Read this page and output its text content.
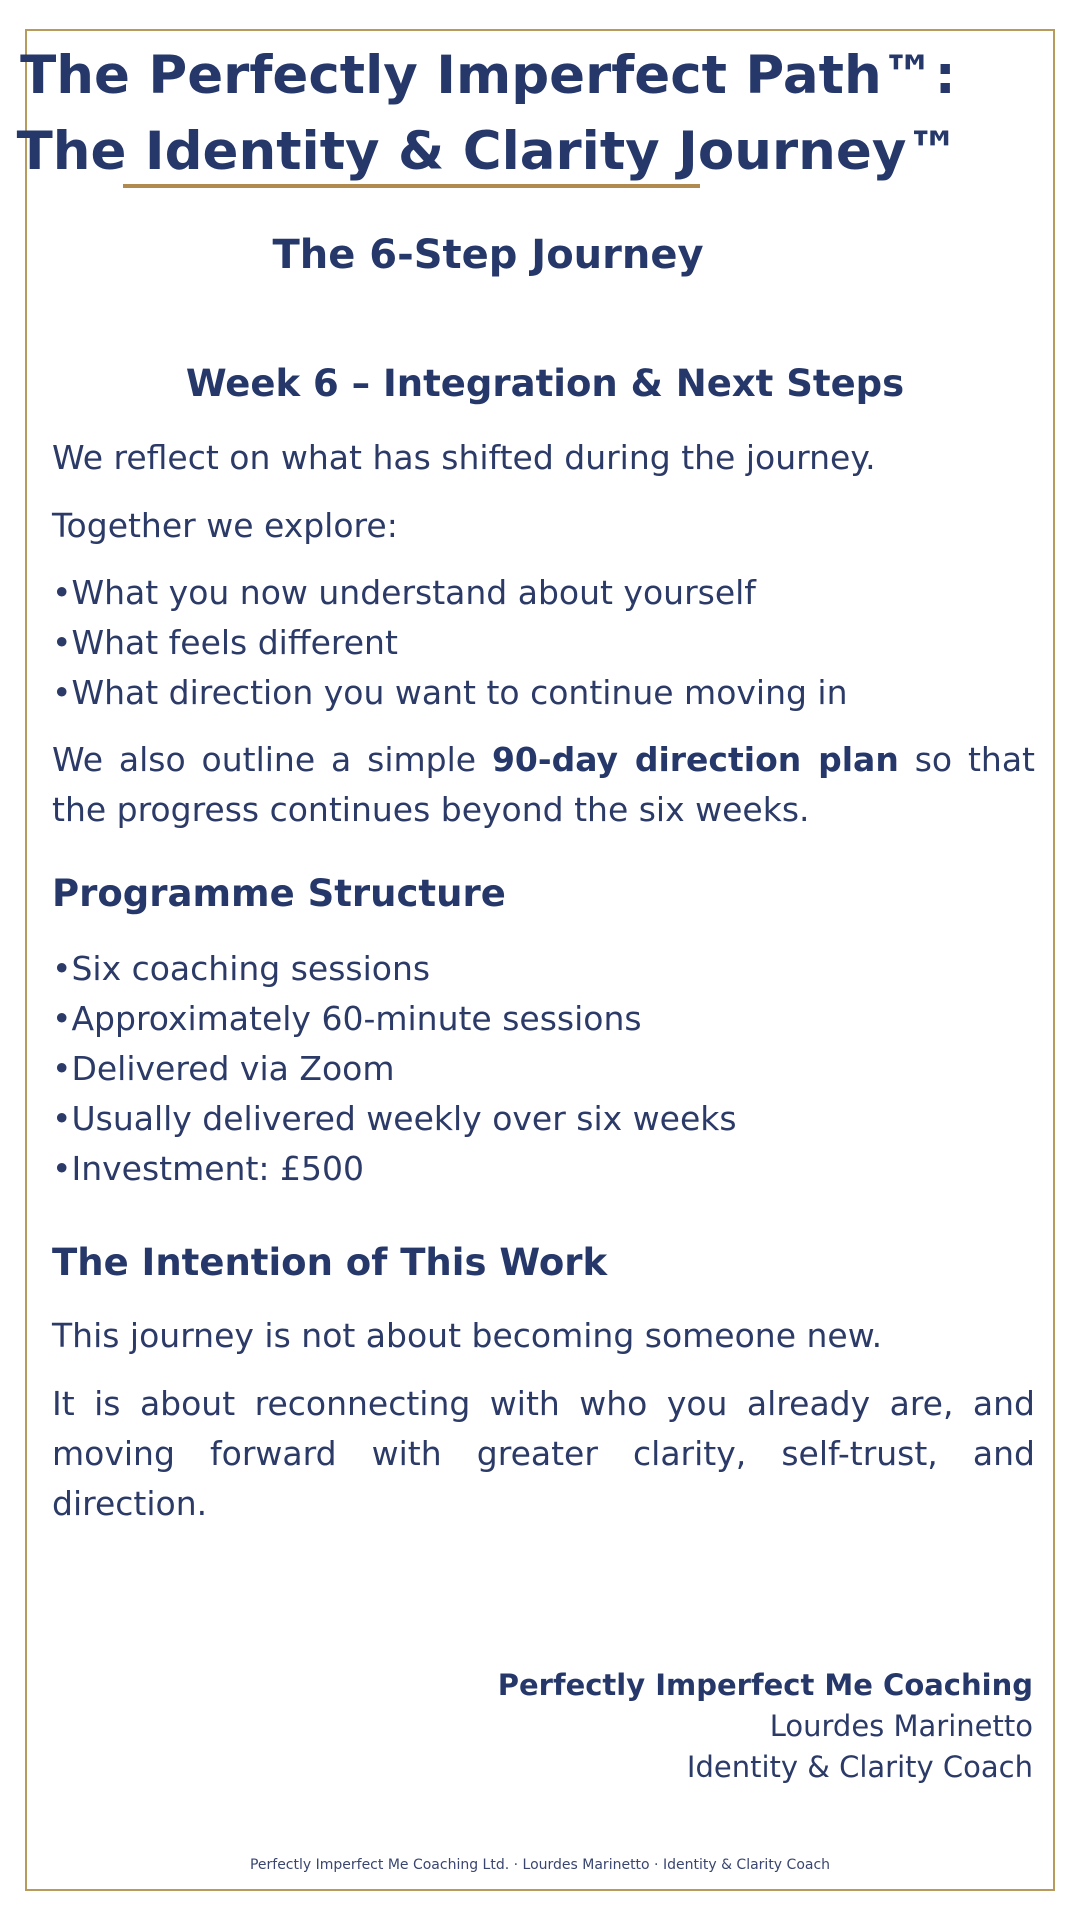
The Perfectly Imperfect Path™:
The Identity & Clarity Journey™
The 6-Step Journey
Week 6 – Integration & Next Steps
We reflect on what has shifted during the journey.
Together we explore:
• What you now understand about yourself
• What feels different
• What direction you want to continue moving in
We also outline a simple 90-day direction plan so that the progress continues beyond the six weeks.
Programme Structure
• Six coaching sessions
• Approximately 60-minute sessions
• Delivered via Zoom
• Usually delivered weekly over six weeks
• Investment: £500
The Intention of This Work
This journey is not about becoming someone new.
It is about reconnecting with who you already are, and moving forward with greater clarity, self-trust, and direction.
Perfectly Imperfect Me Coaching
Lourdes Marinetto
Identity & Clarity Coach
Perfectly Imperfect Me Coaching Ltd. · Lourdes Marinetto · Identity & Clarity Coach
